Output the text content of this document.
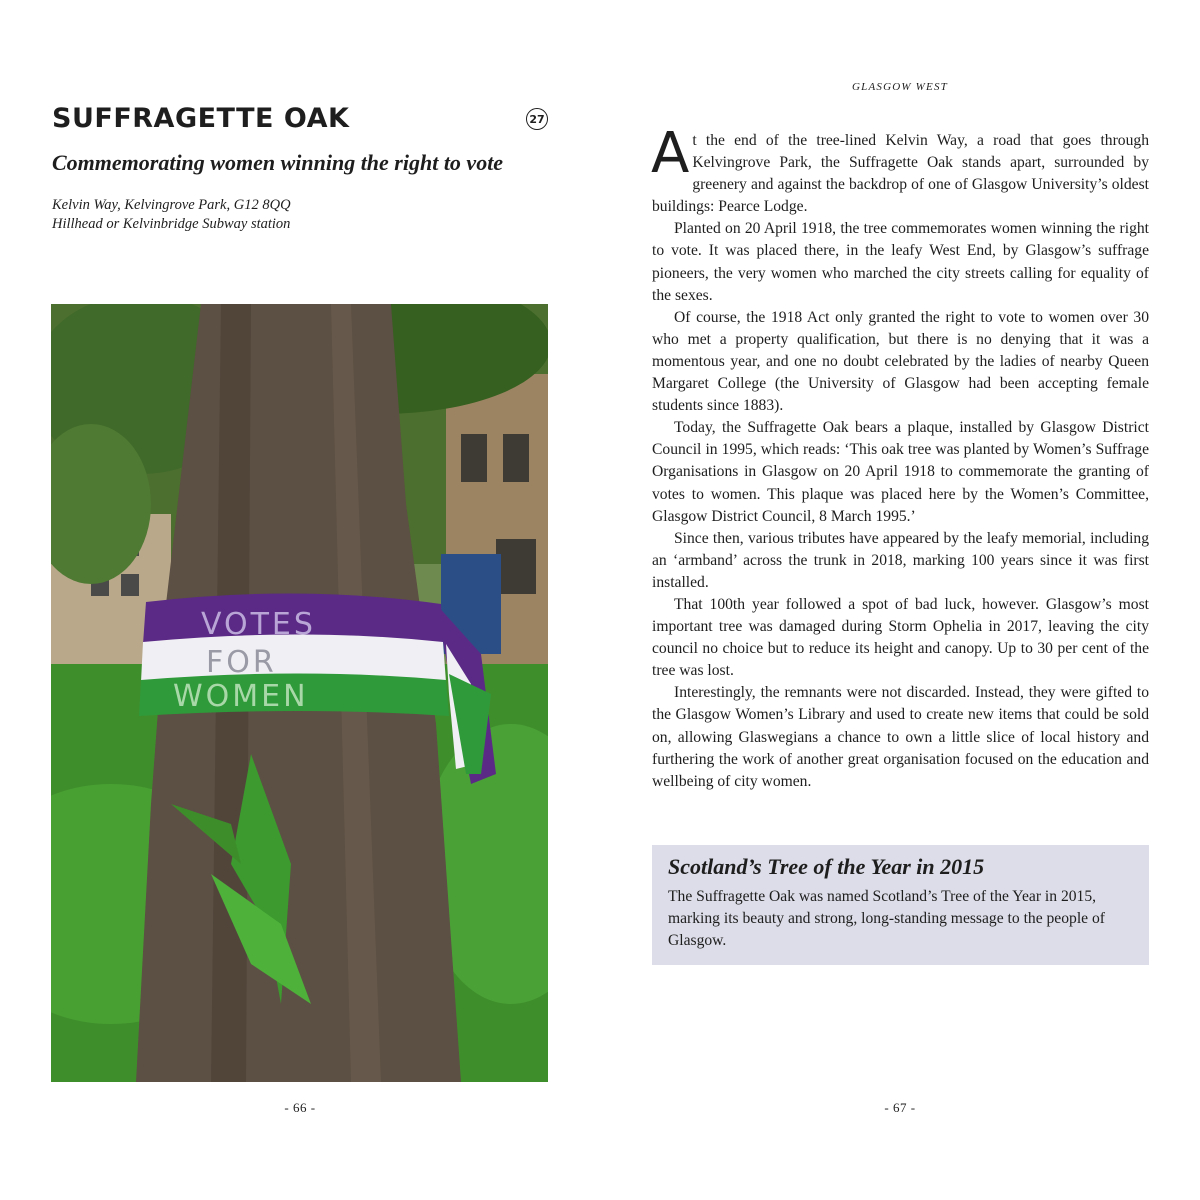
SUFFRAGETTE OAK	27
Commemorating women winning the right to vote
Kelvin Way, Kelvingrove Park, G12 8QQ
Hillhead or Kelvinbridge Subway station
VOTES
FOR
WOMEN
- 66 -
GLASGOW WEST

At the end of the tree-lined Kelvin Way, a road that goes through Kelvingrove Park, the Suffragette Oak stands apart, surrounded by greenery and against the backdrop of one of Glasgow University’s oldest buildings: Pearce Lodge.

Planted on 20 April 1918, the tree commemorates women winning the right to vote. It was placed there, in the leafy West End, by Glasgow’s suffrage pioneers, the very women who marched the city streets calling for equality of the sexes.

Of course, the 1918 Act only granted the right to vote to women over 30 who met a property qualification, but there is no denying that it was a momentous year, and one no doubt celebrated by the ladies of nearby Queen Margaret College (the University of Glasgow had been accepting female students since 1883).

Today, the Suffragette Oak bears a plaque, installed by Glasgow District Council in 1995, which reads: ‘This oak tree was planted by Women’s Suffrage Organisations in Glasgow on 20 April 1918 to commemorate the granting of votes to women. This plaque was placed here by the Women’s Committee, Glasgow District Council, 8 March 1995.’

Since then, various tributes have appeared by the leafy memorial, including an ‘armband’ across the trunk in 2018, marking 100 years since it was first installed.

That 100th year followed a spot of bad luck, however. Glasgow’s most important tree was damaged during Storm Ophelia in 2017, leaving the city council no choice but to reduce its height and canopy. Up to 30 per cent of the tree was lost.

Interestingly, the remnants were not discarded. Instead, they were gifted to the Glasgow Women’s Library and used to create new items that could be sold on, allowing Glaswegians a chance to own a little slice of local history and furthering the work of another great organisation focused on the education and wellbeing of city women.

Scotland’s Tree of the Year in 2015

The Suffragette Oak was named Scotland’s Tree of the Year in 2015, marking its beauty and strong, long-standing message to the people of Glasgow.

- 67 -
